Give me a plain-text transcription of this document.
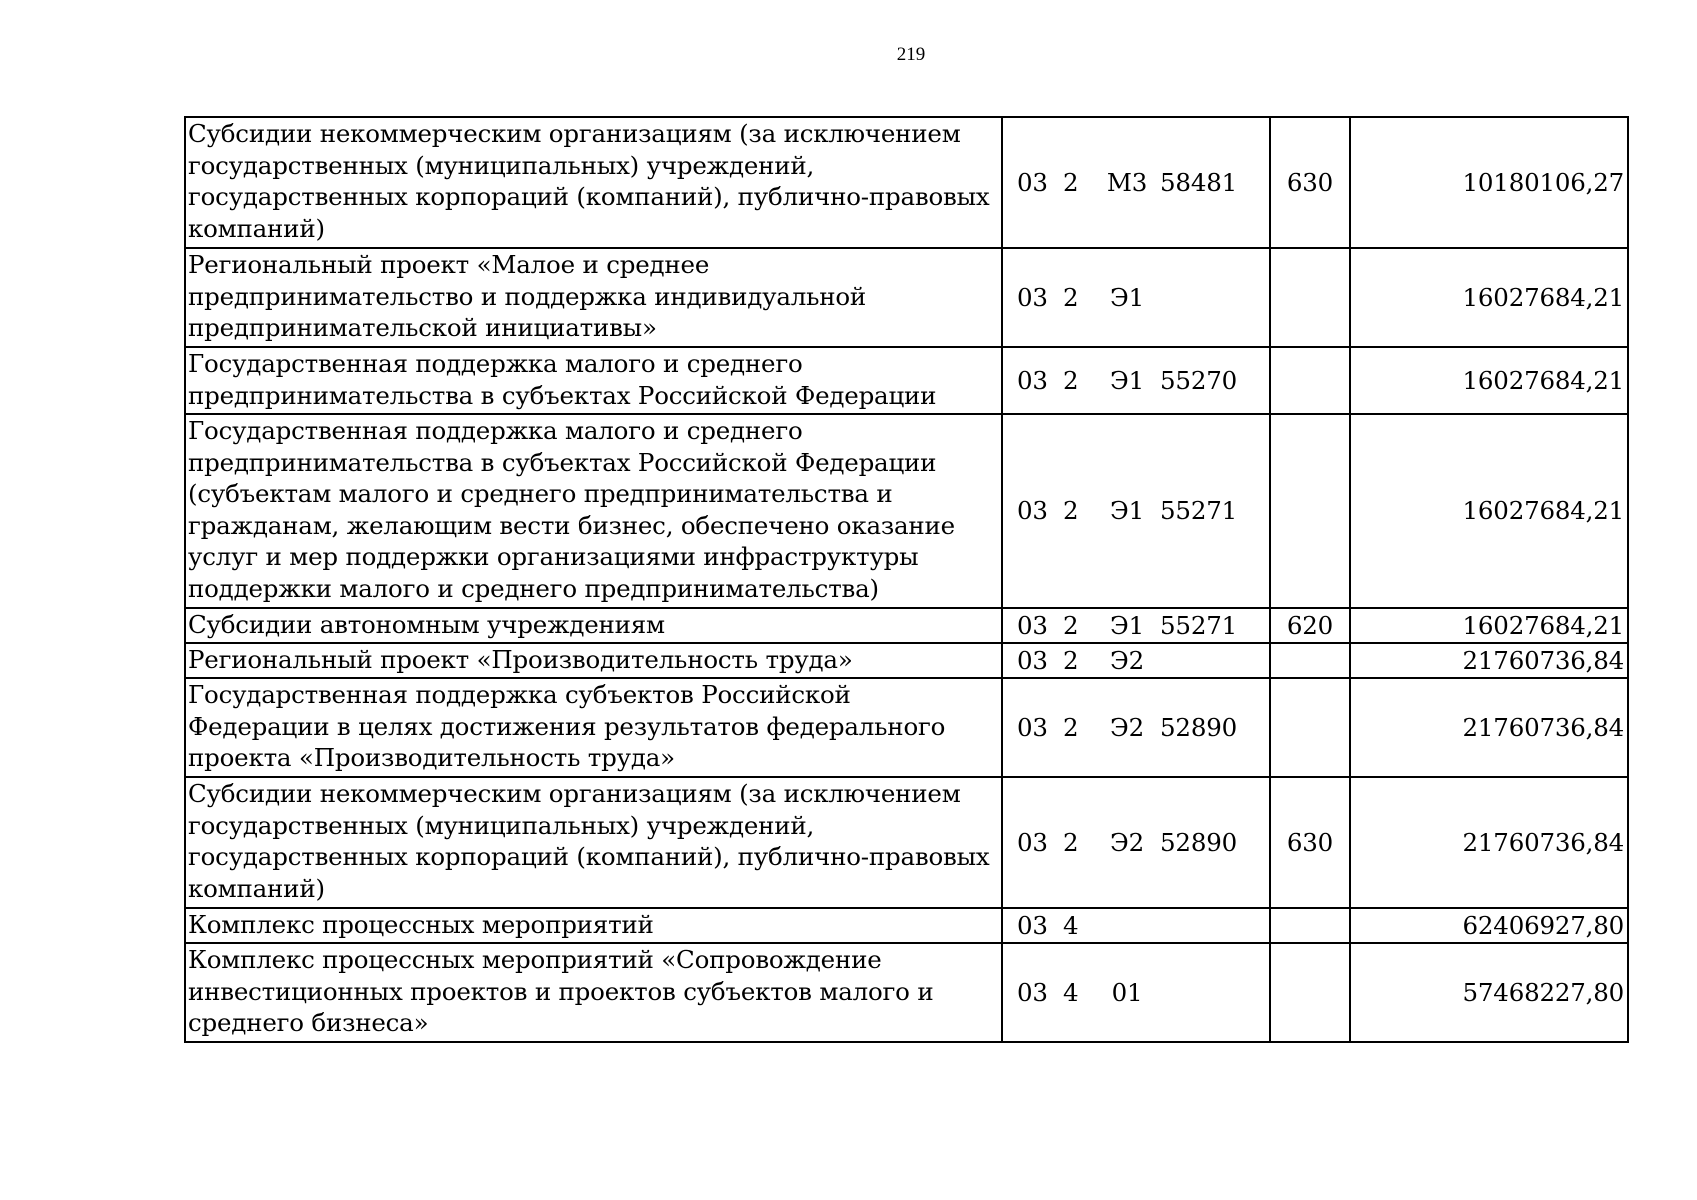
219
Субсидии некоммерческим организациям (за исключением государственных (муниципальных) учреждений, государственных корпораций (компаний), публично-правовых компаний)	03 2 М3 58481	630	10180106,27
Региональный проект «Малое и среднее предпринимательство и поддержка индивидуальной предпринимательской инициативы»	03 2 Э1		16027684,21
Государственная поддержка малого и среднего предпринимательства в субъектах Российской Федерации	03 2 Э1 55270		16027684,21
Государственная поддержка малого и среднего предпринимательства в субъектах Российской Федерации (субъектам малого и среднего предпринимательства и гражданам, желающим вести бизнес, обеспечено оказание услуг и мер поддержки организациями инфраструктуры поддержки малого и среднего предпринимательства)	03 2 Э1 55271		16027684,21
Субсидии автономным учреждениям	03 2 Э1 55271	620	16027684,21
Региональный проект «Производительность труда»	03 2 Э2		21760736,84
Государственная поддержка субъектов Российской Федерации в целях достижения результатов федерального проекта «Производительность труда»	03 2 Э2 52890		21760736,84
Субсидии некоммерческим организациям (за исключением государственных (муниципальных) учреждений, государственных корпораций (компаний), публично-правовых компаний)	03 2 Э2 52890	630	21760736,84
Комплекс процессных мероприятий	03 4		62406927,80
Комплекс процессных мероприятий «Сопровождение инвестиционных проектов и проектов субъектов малого и среднего бизнеса»	03 4 01		57468227,80
